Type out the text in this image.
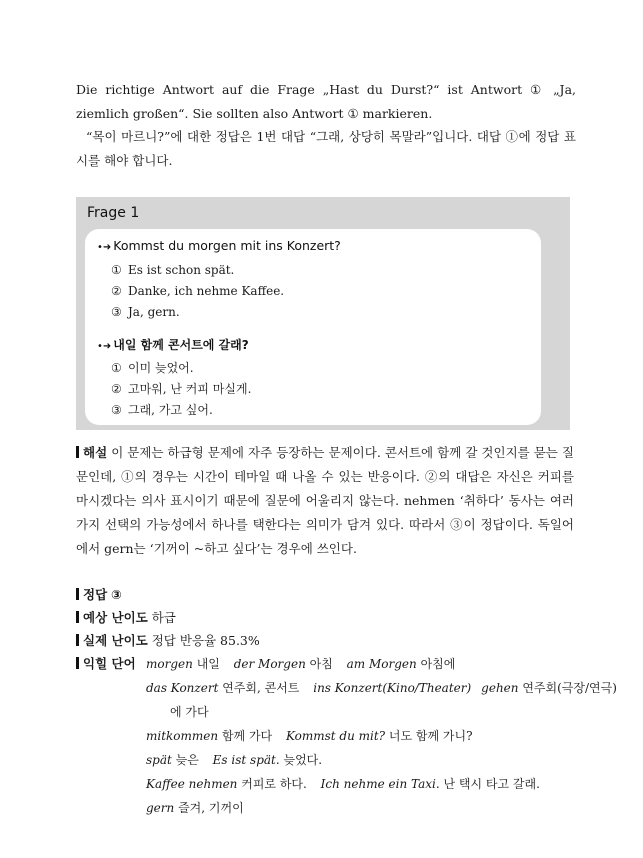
Die richtige Antwort auf die Frage „Hast du Durst?“ ist Antwort ① „Ja, ziemlich großen“. Sie sollten also Antwort ① markieren.

“목이 마르니?”에 대한 정답은 1번 대답 “그래, 상당히 목말라”입니다. 대답 ①에 정답 표시를 해야 합니다.

Frage 1
•➜ Kommst du morgen mit ins Konzert?
① Es ist schon spät.
② Danke, ich nehme Kaffee.
③ Ja, gern.
•➜ 내일 함께 콘서트에 갈래?
① 이미 늦었어.
② 고마워, 난 커피 마실게.
③ 그래, 가고 싶어.
해설 이 문제는 하급형 문제에 자주 등장하는 문제이다. 콘서트에 함께 갈 것인지를 묻는 질문인데, ①의 경우는 시간이 테마일 때 나올 수 있는 반응이다. ②의 대답은 자신은 커피를 마시겠다는 의사 표시이기 때문에 질문에 어울리지 않는다. nehmen ‘취하다’ 동사는 여러 가지 선택의 가능성에서 하나를 택한다는 의미가 담겨 있다. 따라서 ③이 정답이다. 독일어에서 gern는 ‘기꺼이 ~하고 싶다’는 경우에 쓰인다.
정답 ③
예상 난이도 하급
실제 난이도 정답 반응율 85.3%
익힐 단어 morgen 내일 der Morgen 아침 am Morgen 아침에
das Konzert 연주회, 콘서트 ins Konzert(Kino/Theater) gehen 연주회(극장/연극)
에 가다
mitkommen 함께 가다 Kommst du mit? 너도 함께 가니?
spät 늦은 Es ist spät. 늦었다.
Kaffee nehmen 커피로 하다. Ich nehme ein Taxi. 난 택시 타고 갈래.
gern 즐겨, 기꺼이
